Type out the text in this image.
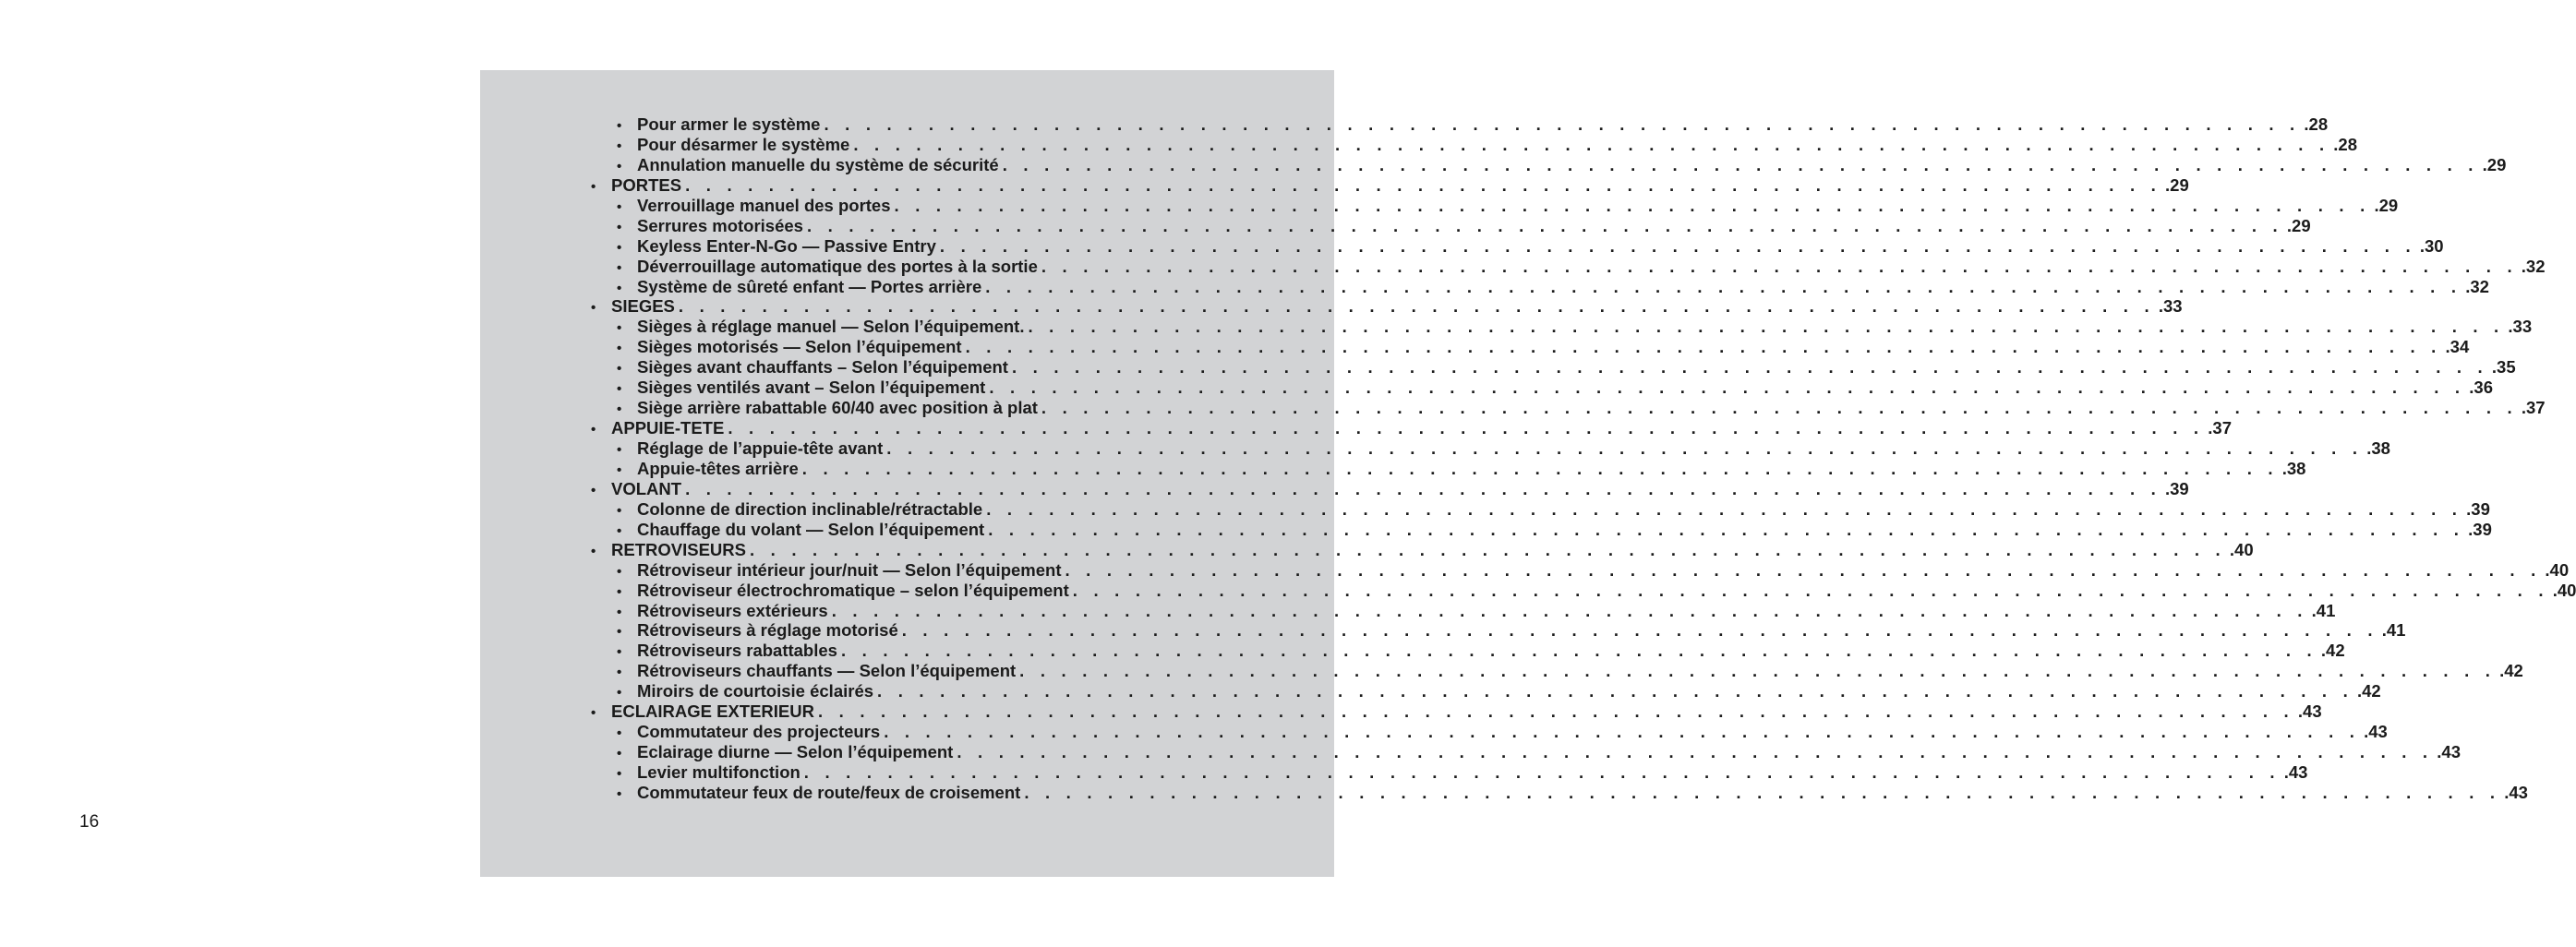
16
• Pour armer le système . . . . . . . . . . . . . . . . . . . . . . . . . . . . . . . . . . . . . . . . . . . . . . . . . . . . . . . . . . . . . . . . . . . . . . . .28
• Pour désarmer le système . . . . . . . . . . . . . . . . . . . . . . . . . . . . . . . . . . . . . . . . . . . . . . . . . . . . . . . . . . . . . . . . . . . . . . . .28
• Annulation manuelle du système de sécurité . . . . . . . . . . . . . . . . . . . . . . . . . . . . . . . . . . . . . . . . . . . . . . . . . . . . . . . . . . . . . . . . . . . . . . . .29
• PORTES . . . . . . . . . . . . . . . . . . . . . . . . . . . . . . . . . . . . . . . . . . . . . . . . . . . . . . . . . . . . . . . . . . . . . . . .29
• Verrouillage manuel des portes . . . . . . . . . . . . . . . . . . . . . . . . . . . . . . . . . . . . . . . . . . . . . . . . . . . . . . . . . . . . . . . . . . . . . . . .29
• Serrures motorisées . . . . . . . . . . . . . . . . . . . . . . . . . . . . . . . . . . . . . . . . . . . . . . . . . . . . . . . . . . . . . . . . . . . . . . . .29
• Keyless Enter-N-Go — Passive Entry . . . . . . . . . . . . . . . . . . . . . . . . . . . . . . . . . . . . . . . . . . . . . . . . . . . . . . . . . . . . . . . . . . . . . . . .30
• Déverrouillage automatique des portes à la sortie . . . . . . . . . . . . . . . . . . . . . . . . . . . . . . . . . . . . . . . . . . . . . . . . . . . . . . . . . . . . . . . . . . . . . . . .32
• Système de sûreté enfant — Portes arrière . . . . . . . . . . . . . . . . . . . . . . . . . . . . . . . . . . . . . . . . . . . . . . . . . . . . . . . . . . . . . . . . . . . . . . . .32
• SIEGES . . . . . . . . . . . . . . . . . . . . . . . . . . . . . . . . . . . . . . . . . . . . . . . . . . . . . . . . . . . . . . . . . . . . . . . .33
• Sièges à réglage manuel — Selon l’équipement. . . . . . . . . . . . . . . . . . . . . . . . . . . . . . . . . . . . . . . . . . . . . . . . . . . . . . . . . . . . . . . . . . . . . . . . .33
• Sièges motorisés — Selon l’équipement . . . . . . . . . . . . . . . . . . . . . . . . . . . . . . . . . . . . . . . . . . . . . . . . . . . . . . . . . . . . . . . . . . . . . . . .34
• Sièges avant chauffants – Selon l’équipement . . . . . . . . . . . . . . . . . . . . . . . . . . . . . . . . . . . . . . . . . . . . . . . . . . . . . . . . . . . . . . . . . . . . . . . .35
• Sièges ventilés avant – Selon l’équipement . . . . . . . . . . . . . . . . . . . . . . . . . . . . . . . . . . . . . . . . . . . . . . . . . . . . . . . . . . . . . . . . . . . . . . . .36
• Siège arrière rabattable 60/40 avec position à plat . . . . . . . . . . . . . . . . . . . . . . . . . . . . . . . . . . . . . . . . . . . . . . . . . . . . . . . . . . . . . . . . . . . . . . . .37
• APPUIE-TETE . . . . . . . . . . . . . . . . . . . . . . . . . . . . . . . . . . . . . . . . . . . . . . . . . . . . . . . . . . . . . . . . . . . . . . . .37
• Réglage de l’appuie-tête avant . . . . . . . . . . . . . . . . . . . . . . . . . . . . . . . . . . . . . . . . . . . . . . . . . . . . . . . . . . . . . . . . . . . . . . . .38
• Appuie-têtes arrière . . . . . . . . . . . . . . . . . . . . . . . . . . . . . . . . . . . . . . . . . . . . . . . . . . . . . . . . . . . . . . . . . . . . . . . .38
• VOLANT . . . . . . . . . . . . . . . . . . . . . . . . . . . . . . . . . . . . . . . . . . . . . . . . . . . . . . . . . . . . . . . . . . . . . . . .39
• Colonne de direction inclinable/rétractable . . . . . . . . . . . . . . . . . . . . . . . . . . . . . . . . . . . . . . . . . . . . . . . . . . . . . . . . . . . . . . . . . . . . . . . .39
• Chauffage du volant — Selon l’équipement . . . . . . . . . . . . . . . . . . . . . . . . . . . . . . . . . . . . . . . . . . . . . . . . . . . . . . . . . . . . . . . . . . . . . . . .39
• RETROVISEURS . . . . . . . . . . . . . . . . . . . . . . . . . . . . . . . . . . . . . . . . . . . . . . . . . . . . . . . . . . . . . . . . . . . . . . . .40
• Rétroviseur intérieur jour/nuit — Selon l’équipement . . . . . . . . . . . . . . . . . . . . . . . . . . . . . . . . . . . . . . . . . . . . . . . . . . . . . . . . . . . . . . . . . . . . . . . .40
• Rétroviseur électrochromatique – selon l’équipement . . . . . . . . . . . . . . . . . . . . . . . . . . . . . . . . . . . . . . . . . . . . . . . . . . . . . . . . . . . . . . . . . . . . . . . .40
• Rétroviseurs extérieurs . . . . . . . . . . . . . . . . . . . . . . . . . . . . . . . . . . . . . . . . . . . . . . . . . . . . . . . . . . . . . . . . . . . . . . . .41
• Rétroviseurs à réglage motorisé . . . . . . . . . . . . . . . . . . . . . . . . . . . . . . . . . . . . . . . . . . . . . . . . . . . . . . . . . . . . . . . . . . . . . . . .41
• Rétroviseurs rabattables . . . . . . . . . . . . . . . . . . . . . . . . . . . . . . . . . . . . . . . . . . . . . . . . . . . . . . . . . . . . . . . . . . . . . . . .42
• Rétroviseurs chauffants — Selon l’équipement . . . . . . . . . . . . . . . . . . . . . . . . . . . . . . . . . . . . . . . . . . . . . . . . . . . . . . . . . . . . . . . . . . . . . . . .42
• Miroirs de courtoisie éclairés . . . . . . . . . . . . . . . . . . . . . . . . . . . . . . . . . . . . . . . . . . . . . . . . . . . . . . . . . . . . . . . . . . . . . . . .42
• ECLAIRAGE EXTERIEUR . . . . . . . . . . . . . . . . . . . . . . . . . . . . . . . . . . . . . . . . . . . . . . . . . . . . . . . . . . . . . . . . . . . . . . . .43
• Commutateur des projecteurs . . . . . . . . . . . . . . . . . . . . . . . . . . . . . . . . . . . . . . . . . . . . . . . . . . . . . . . . . . . . . . . . . . . . . . . .43
• Eclairage diurne — Selon l’équipement . . . . . . . . . . . . . . . . . . . . . . . . . . . . . . . . . . . . . . . . . . . . . . . . . . . . . . . . . . . . . . . . . . . . . . . .43
• Levier multifonction . . . . . . . . . . . . . . . . . . . . . . . . . . . . . . . . . . . . . . . . . . . . . . . . . . . . . . . . . . . . . . . . . . . . . . . .43
• Commutateur feux de route/feux de croisement . . . . . . . . . . . . . . . . . . . . . . . . . . . . . . . . . . . . . . . . . . . . . . . . . . . . . . . . . . . . . . . . . . . . . . . .43
